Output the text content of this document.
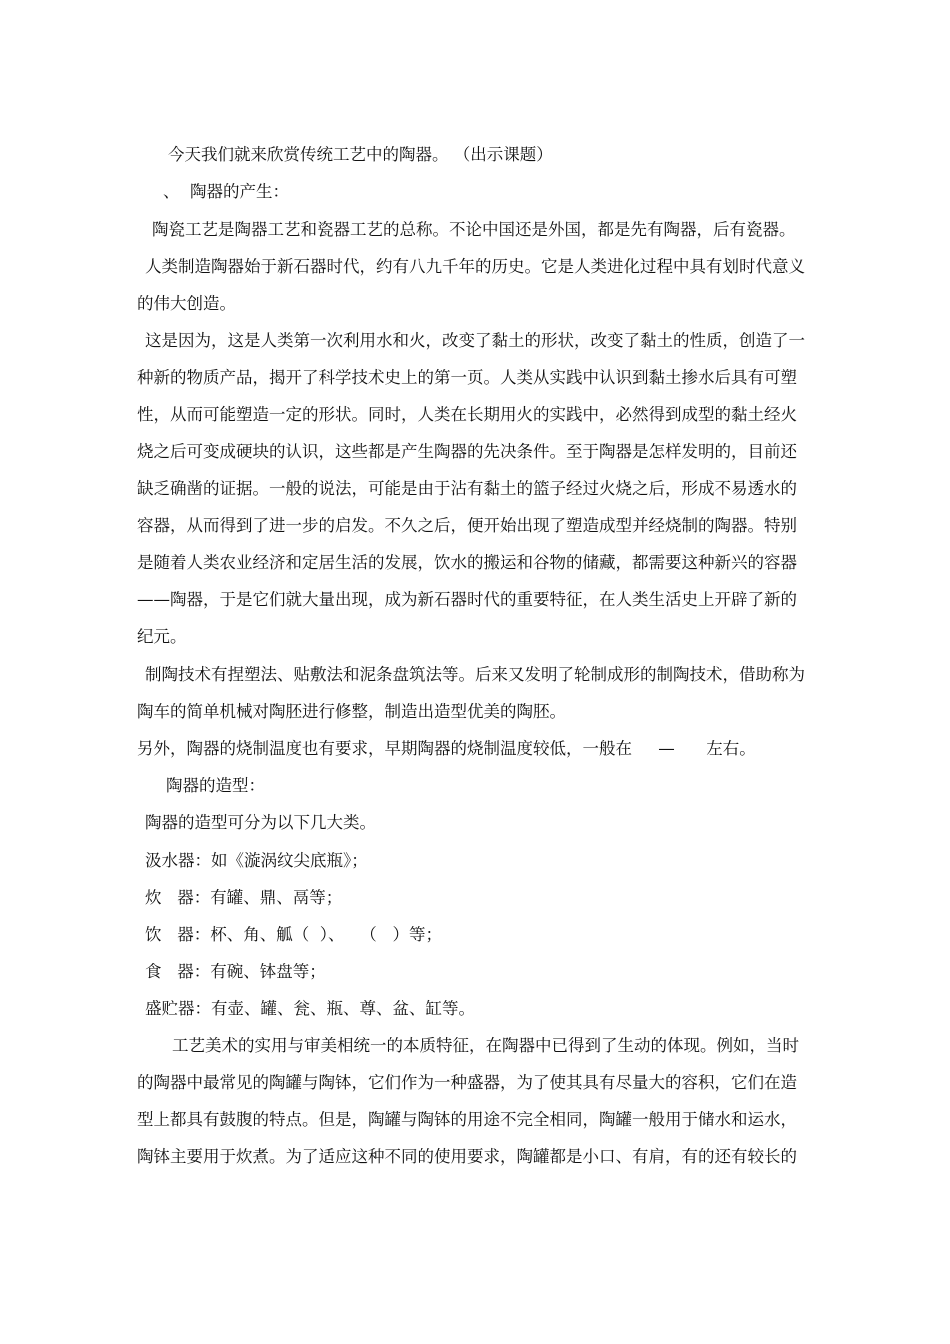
今天我们就来欣赏传统工艺中的陶器。 （出示课题）
、  陶器的产生：
陶瓷工艺是陶器工艺和瓷器工艺的总称。不论中国还是外国，都是先有陶器，后有瓷器。
人类制造陶器始于新石器时代，约有八九千年的历史。它是人类进化过程中具有划时代意义
的伟大创造。
这是因为，这是人类第一次利用水和火，改变了黏土的形状，改变了黏土的性质，创造了一
种新的物质产品，揭开了科学技术史上的第一页。人类从实践中认识到黏土掺水后具有可塑
性，从而可能塑造一定的形状。同时，人类在长期用火的实践中，必然得到成型的黏土经火
烧之后可变成硬块的认识，这些都是产生陶器的先决条件。至于陶器是怎样发明的，目前还
缺乏确凿的证据。一般的说法，可能是由于沾有黏土的篮子经过火烧之后，形成不易透水的
容器，从而得到了进一步的启发。不久之后，便开始出现了塑造成型并经烧制的陶器。特别
是随着人类农业经济和定居生活的发展，饮水的搬运和谷物的储藏，都需要这种新兴的容器
——陶器，于是它们就大量出现，成为新石器时代的重要特征，在人类生活史上开辟了新的
纪元。
制陶技术有捏塑法、贴敷法和泥条盘筑法等。后来又发明了轮制成形的制陶技术，借助称为
陶车的简单机械对陶胚进行修整，制造出造型优美的陶胚。
另外，陶器的烧制温度也有要求，早期陶器的烧制温度较低，一般在     —      左右。
陶器的造型：
陶器的造型可分为以下几大类。
汲水器：如《漩涡纹尖底瓶》；
炊   器：有罐、鼎、鬲等；
饮   器：杯、角、觚（  ）、   （   ）等；
食   器：有碗、钵盘等；
盛贮器：有壶、罐、瓮、瓶、尊、盆、缸等。
工艺美术的实用与审美相统一的本质特征，在陶器中已得到了生动的体现。例如，当时
的陶器中最常见的陶罐与陶钵，它们作为一种盛器，为了使其具有尽量大的容积，它们在造
型上都具有鼓腹的特点。但是，陶罐与陶钵的用途不完全相同，陶罐一般用于储水和运水，
陶钵主要用于炊煮。为了适应这种不同的使用要求，陶罐都是小口、有肩，有的还有较长的
